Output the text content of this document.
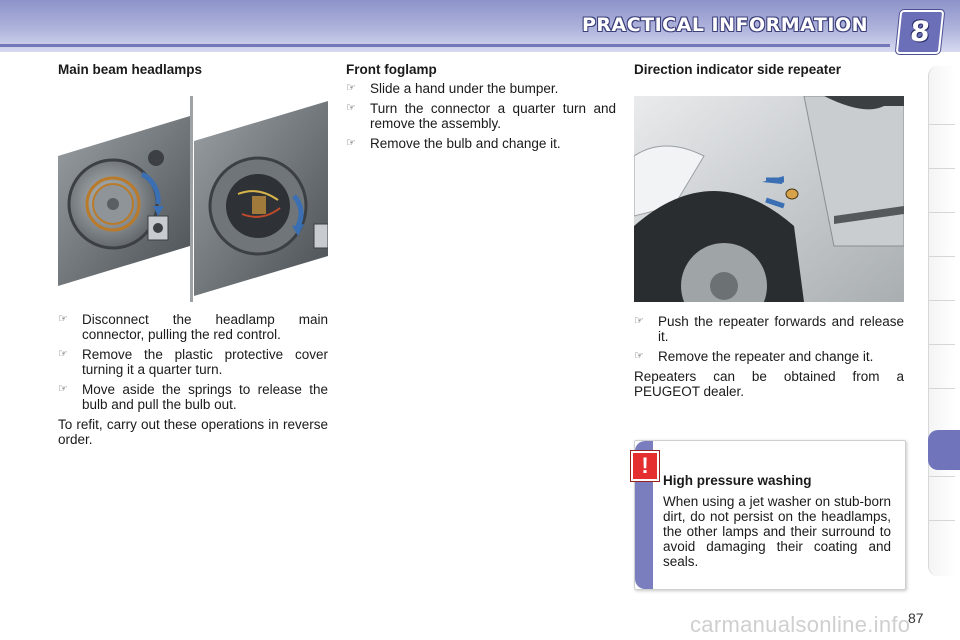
PRACTICAL INFORMATION	8
Main beam headlamps
☞ Disconnect the headlamp main connector, pulling the red control.
☞ Remove the plastic protective cover turning it a quarter turn.
☞ Move aside the springs to release the bulb and pull the bulb out.

To refit, carry out these operations in reverse order.

Front foglamp
☞ Slide a hand under the bumper.
☞ Turn the connector a quarter turn and remove the assembly.
☞ Remove the bulb and change it.
Direction indicator side repeater
☞ Push the repeater forwards and release it.
☞ Remove the repeater and change it.

Repeaters can be obtained from a PEUGEOT dealer.

!
High pressure washing
When using a jet washer on stub-born dirt, do not persist on the headlamps, the other lamps and their surround to avoid damaging their coating and seals.
carmanualsonline.info
87
